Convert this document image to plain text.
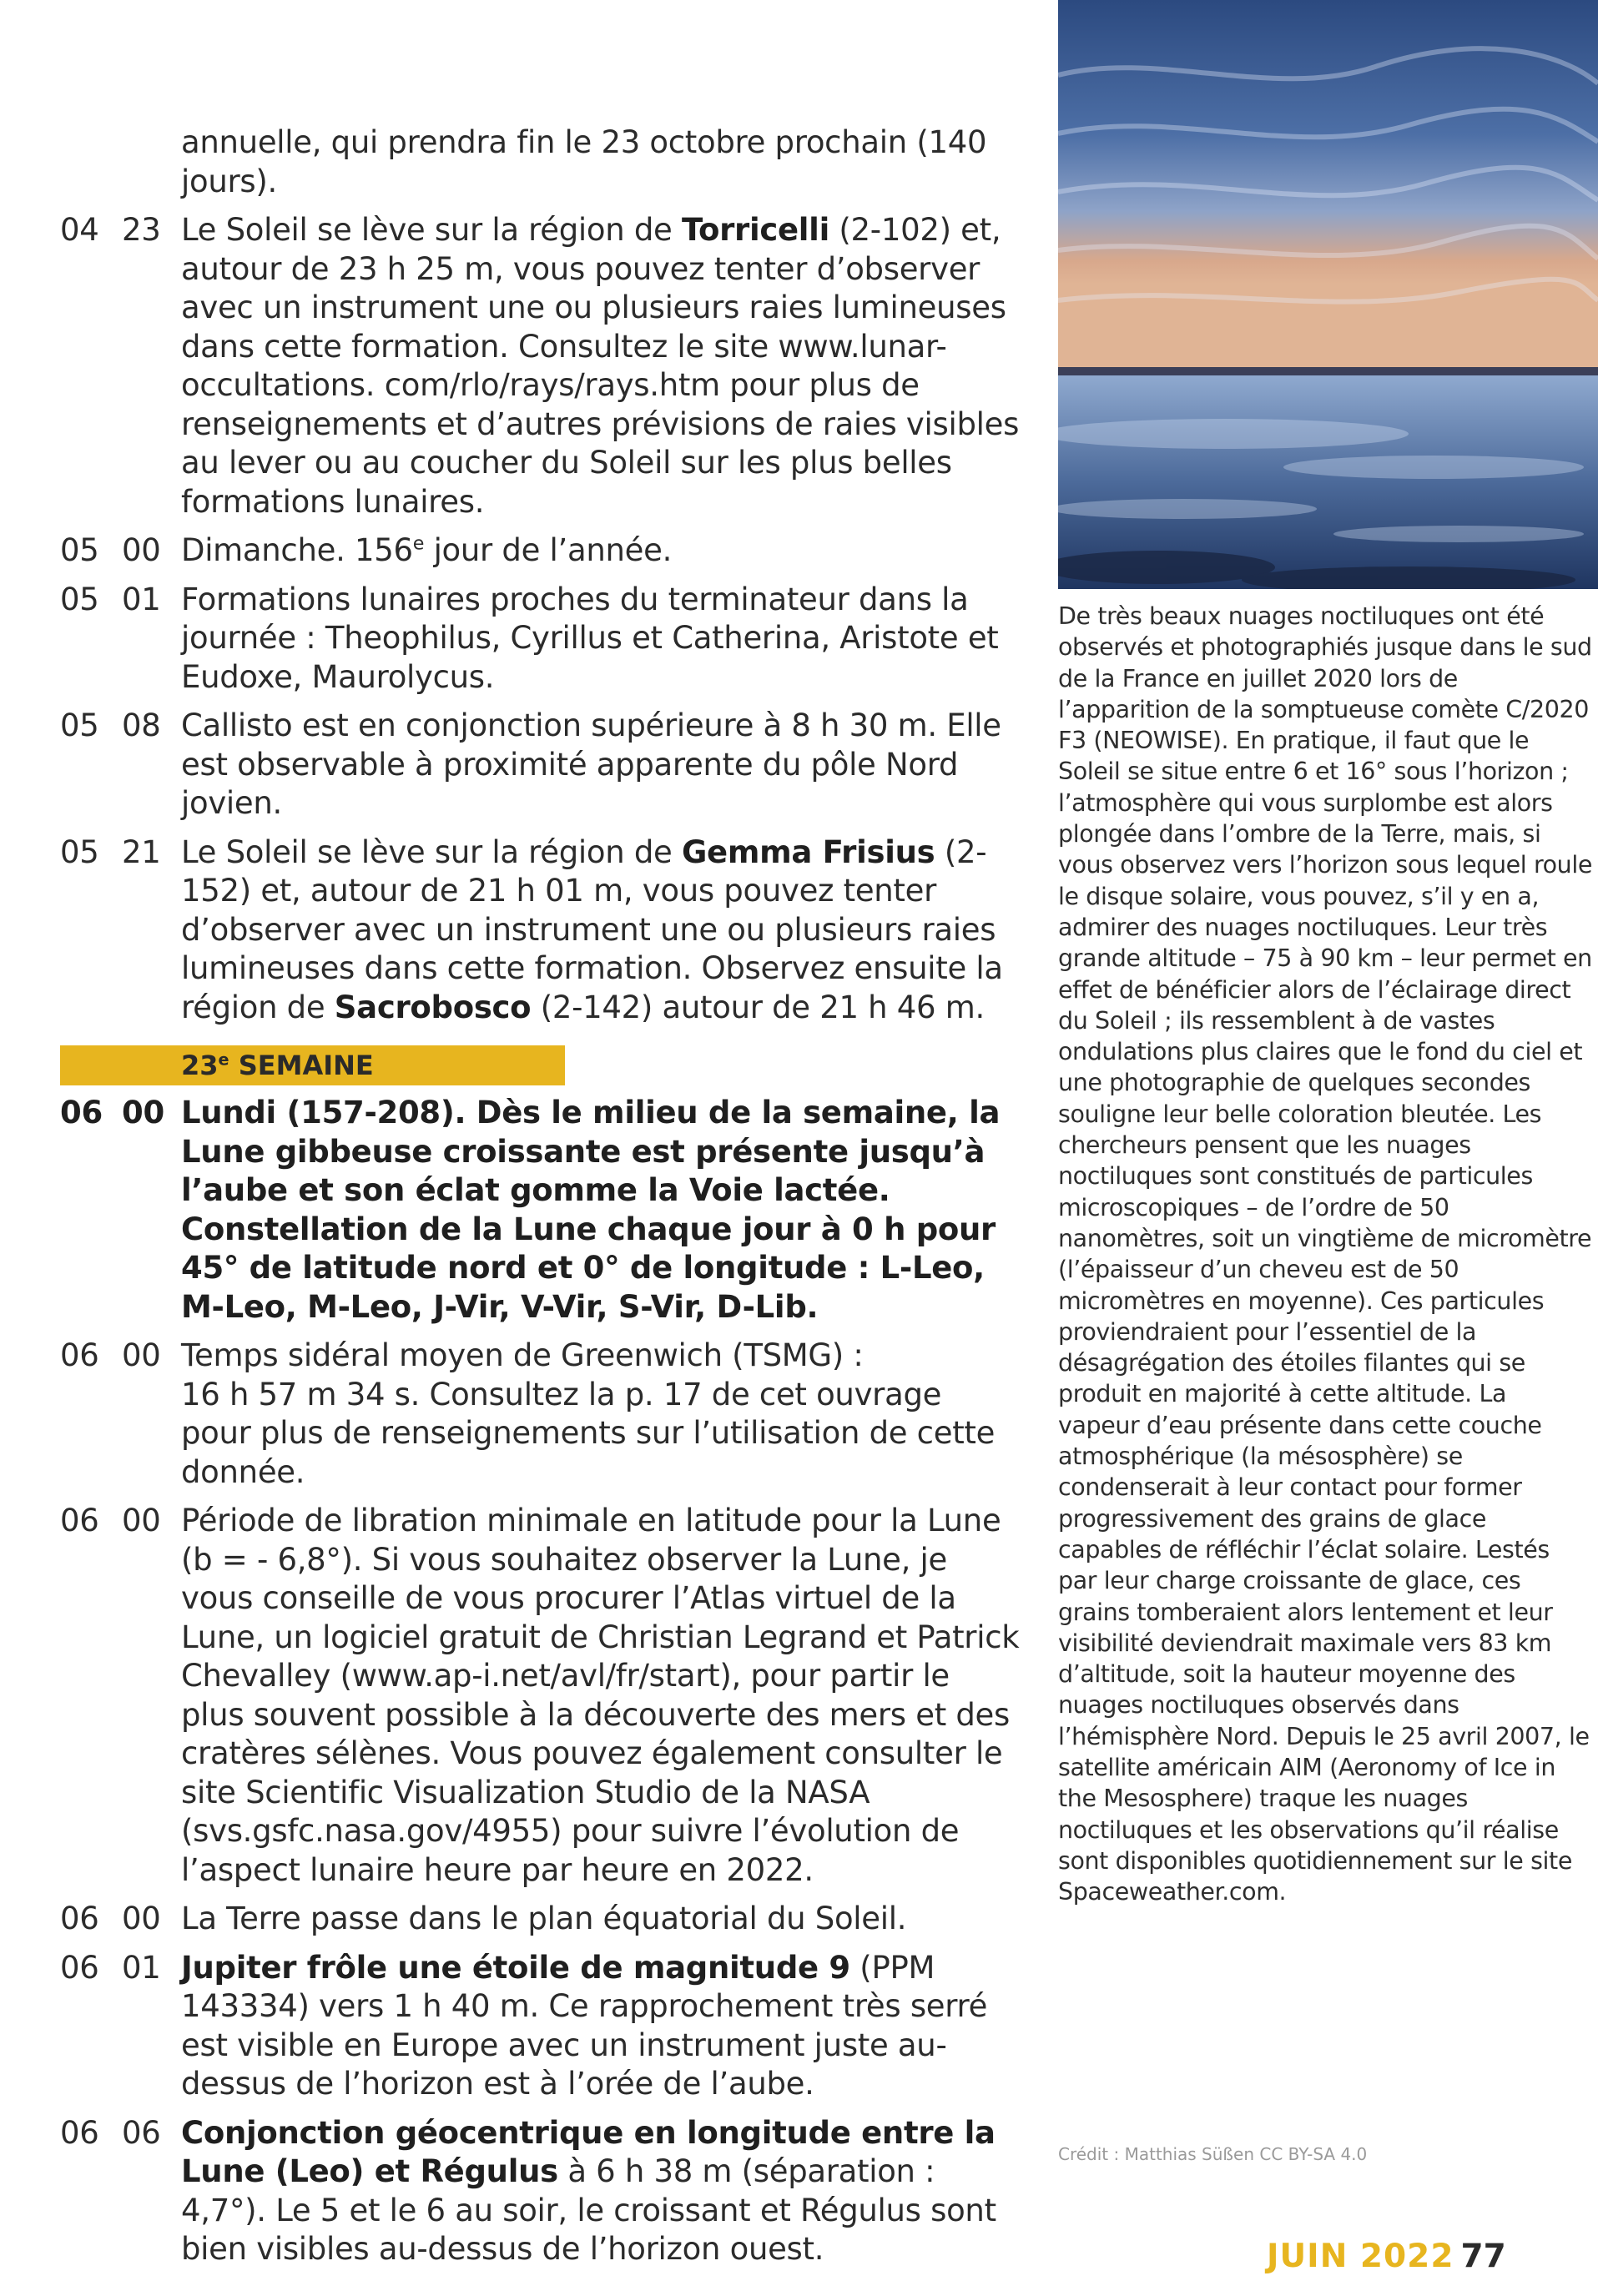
annuelle, qui prendra fin le 23 octobre prochain (140 jours).
04 23 Le Soleil se lève sur la région de Torricelli (2-102) et, autour de 23 h 25 m, vous pouvez tenter d’observer avec un instrument une ou plusieurs raies lumineuses dans cette formation. Consultez le site www.lunar-occultations. com/rlo/rays/rays.htm pour plus de renseignements et d’autres prévisions de raies visibles au lever ou au coucher du Soleil sur les plus belles formations lunaires.
05 00 Dimanche. 156e jour de l’année.
05 01 Formations lunaires proches du terminateur dans la journée : Theophilus, Cyrillus et Catherina, Aristote et Eudoxe, Maurolycus.
05 08 Callisto est en conjonction supérieure à 8 h 30 m. Elle est observable à proximité apparente du pôle Nord jovien.
05 21 Le Soleil se lève sur la région de Gemma Frisius (2-152) et, autour de 21 h 01 m, vous pouvez tenter d’observer avec un instrument une ou plusieurs raies lumineuses dans cette formation. Observez ensuite la région de Sacrobosco (2-142) autour de 21 h 46 m.
23e SEMAINE
06 00 Lundi (157-208). Dès le milieu de la semaine, la Lune gibbeuse croissante est présente jusqu’à l’aube et son éclat gomme la Voie lactée. Constellation de la Lune chaque jour à 0 h pour 45° de latitude nord et 0° de longitude : L-Leo, M-Leo, M-Leo, J-Vir, V-Vir, S-Vir, D-Lib.
06 00 Temps sidéral moyen de Greenwich (TSMG) :
16 h 57 m 34 s. Consultez la p. 17 de cet ouvrage pour plus de renseignements sur l’utilisation de cette donnée.
06 00 Période de libration minimale en latitude pour la Lune (b = - 6,8°). Si vous souhaitez observer la Lune, je vous conseille de vous procurer l’Atlas virtuel de la Lune, un logiciel gratuit de Christian Legrand et Patrick Chevalley (www.ap-i.net/avl/fr/start), pour partir le plus souvent possible à la découverte des mers et des cratères sélènes. Vous pouvez également consulter le site Scientific Visualization Studio de la NASA (svs.gsfc.nasa.gov/4955) pour suivre l’évolution de l’aspect lunaire heure par heure en 2022.
06 00 La Terre passe dans le plan équatorial du Soleil.
06 01 Jupiter frôle une étoile de magnitude 9 (PPM 143334) vers 1 h 40 m. Ce rapprochement très serré est visible en Europe avec un instrument juste au-dessus de l’horizon est à l’orée de l’aube.
06 06 Conjonction géocentrique en longitude entre la Lune (Leo) et Régulus à 6 h 38 m (séparation : 4,7°). Le 5 et le 6 au soir, le croissant et Régulus sont bien visibles au-dessus de l’horizon ouest.
De très beaux nuages noctiluques ont été observés et photographiés jusque dans le sud de la France en juillet 2020 lors de l’apparition de la somptueuse comète C/2020 F3 (NEOWISE). En pratique, il faut que le Soleil se situe entre 6 et 16° sous l’horizon ; l’atmosphère qui vous surplombe est alors plongée dans l’ombre de la Terre, mais, si vous observez vers l’horizon sous lequel roule le disque solaire, vous pouvez, s’il y en a, admirer des nuages noctiluques. Leur très grande altitude – 75 à 90 km – leur permet en effet de bénéficier alors de l’éclairage direct du Soleil ; ils ressemblent à de vastes ondulations plus claires que le fond du ciel et une photographie de quelques secondes souligne leur belle coloration bleutée. Les chercheurs pensent que les nuages noctiluques sont constitués de particules microscopiques – de l’ordre de 50 nanomètres, soit un vingtième de micromètre (l’épaisseur d’un cheveu est de 50 micromètres en moyenne). Ces particules proviendraient pour l’essentiel de la désagrégation des étoiles filantes qui se produit en majorité à cette altitude. La vapeur d’eau présente dans cette couche atmosphérique (la mésosphère) se condenserait à leur contact pour former progressivement des grains de glace capables de réfléchir l’éclat solaire. Lestés par leur charge croissante de glace, ces grains tomberaient alors lentement et leur visibilité deviendrait maximale vers 83 km d’altitude, soit la hauteur moyenne des nuages noctiluques observés dans l’hémisphère Nord. Depuis le 25 avril 2007, le satellite américain AIM (Aeronomy of Ice in the Mesosphere) traque les nuages noctiluques et les observations qu’il réalise sont disponibles quotidiennement sur le site Spaceweather.com.
Crédit : Matthias Süßen CC BY-SA 4.0
JUIN 2022 77
